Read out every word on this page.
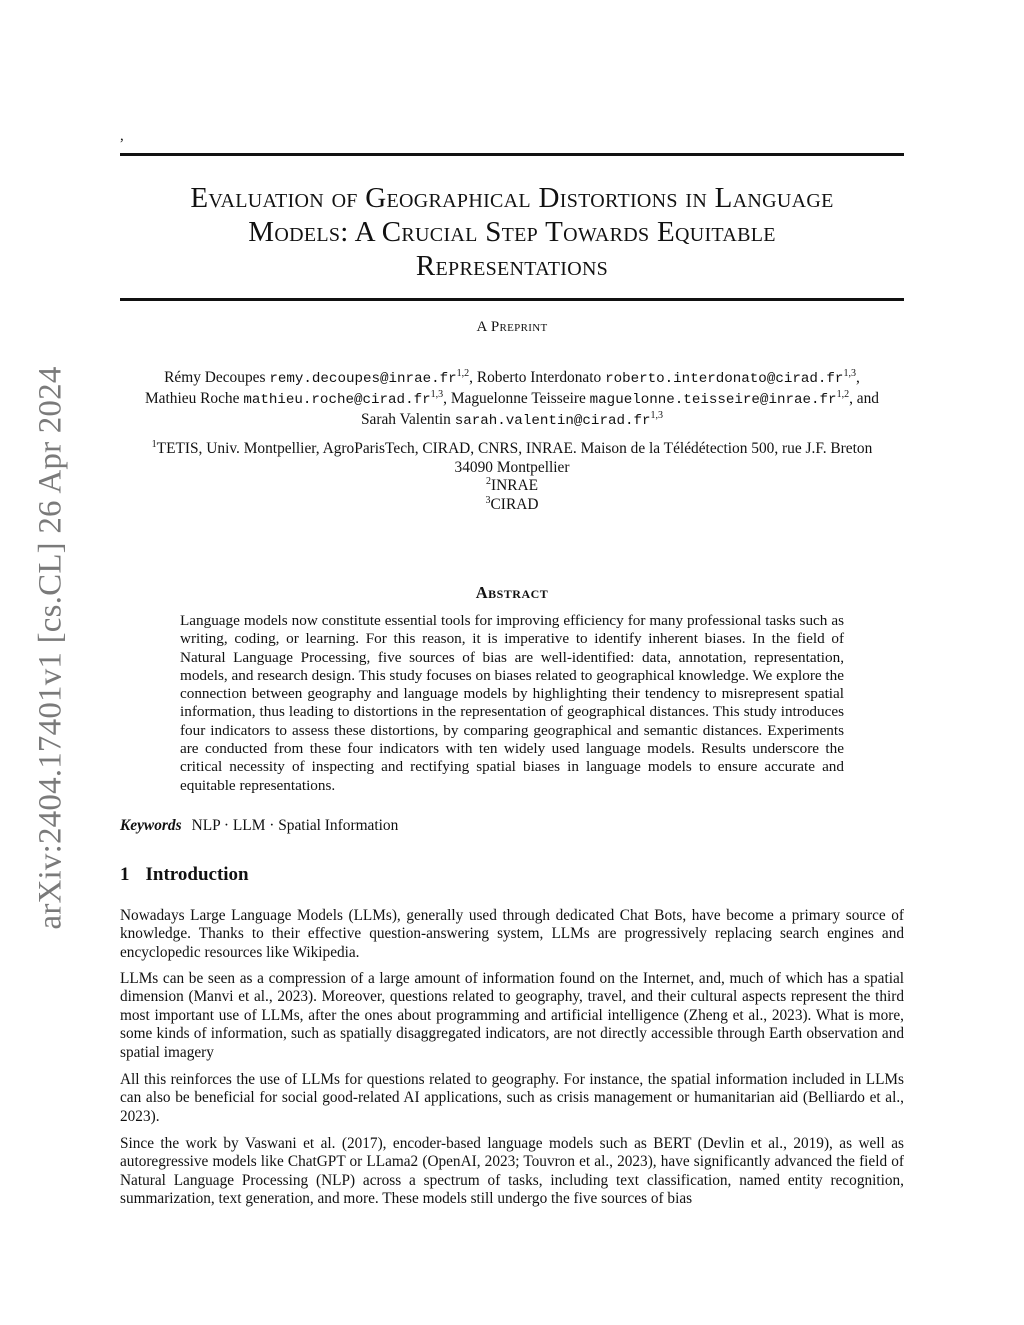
,
arXiv:2404.17401v1 [cs.CL] 26 Apr 2024
Evaluation of Geographical Distortions in Language
Models: A Crucial Step Towards Equitable
Representations
A Preprint
Rémy Decoupes remy.decoupes@inrae.fr$^{1,2}$, Roberto Interdonato roberto.interdonato@cirad.fr$^{1,3}$,
Mathieu Roche mathieu.roche@cirad.fr$^{1,3}$, Maguelonne Teisseire maguelonne.teisseire@inrae.fr$^{1,2}$, and
Sarah Valentin sarah.valentin@cirad.fr$^{1,3}$
$^1$TETIS, Univ. Montpellier, AgroParisTech, CIRAD, CNRS, INRAE. Maison de la Télédétection 500, rue J.F. Breton
34090 Montpellier
$^2$INRAE
$^3$CIRAD
Abstract

Language models now constitute essential tools for improving efficiency for many professional tasks such as writing, coding, or learning. For this reason, it is imperative to identify inherent biases. In the field of Natural Language Processing, five sources of bias are well-identified: data, annotation, representation, models, and research design. This study focuses on biases related to geographical knowledge. We explore the connection between geography and language models by highlighting their tendency to misrepresent spatial information, thus leading to distortions in the representation of geographical distances. This study introduces four indicators to assess these distortions, by comparing geographical and semantic distances. Experiments are conducted from these four indicators with ten widely used language models. Results underscore the critical necessity of inspecting and rectifying spatial biases in language models to ensure accurate and equitable representations.

Keywords NLP · LLM · Spatial Information
1 Introduction

Nowadays Large Language Models (LLMs), generally used through dedicated Chat Bots, have become a primary source of knowledge. Thanks to their effective question-answering system, LLMs are progressively replacing search engines and encyclopedic resources like Wikipedia.

LLMs can be seen as a compression of a large amount of information found on the Internet, and, much of which has a spatial dimension (Manvi et al., 2023). Moreover, questions related to geography, travel, and their cultural aspects represent the third most important use of LLMs, after the ones about programming and artificial intelligence (Zheng et al., 2023). What is more, some kinds of information, such as spatially disaggregated indicators, are not directly accessible through Earth observation and spatial imagery

All this reinforces the use of LLMs for questions related to geography. For instance, the spatial information included in LLMs can also be beneficial for social good-related AI applications, such as crisis management or humanitarian aid (Belliardo et al., 2023).

Since the work by Vaswani et al. (2017), encoder-based language models such as BERT (Devlin et al., 2019), as well as autoregressive models like ChatGPT or LLama2 (OpenAI, 2023; Touvron et al., 2023), have significantly advanced the field of Natural Language Processing (NLP) across a spectrum of tasks, including text classification, named entity recognition, summarization, text generation, and more. These models still undergo the five sources of bias
